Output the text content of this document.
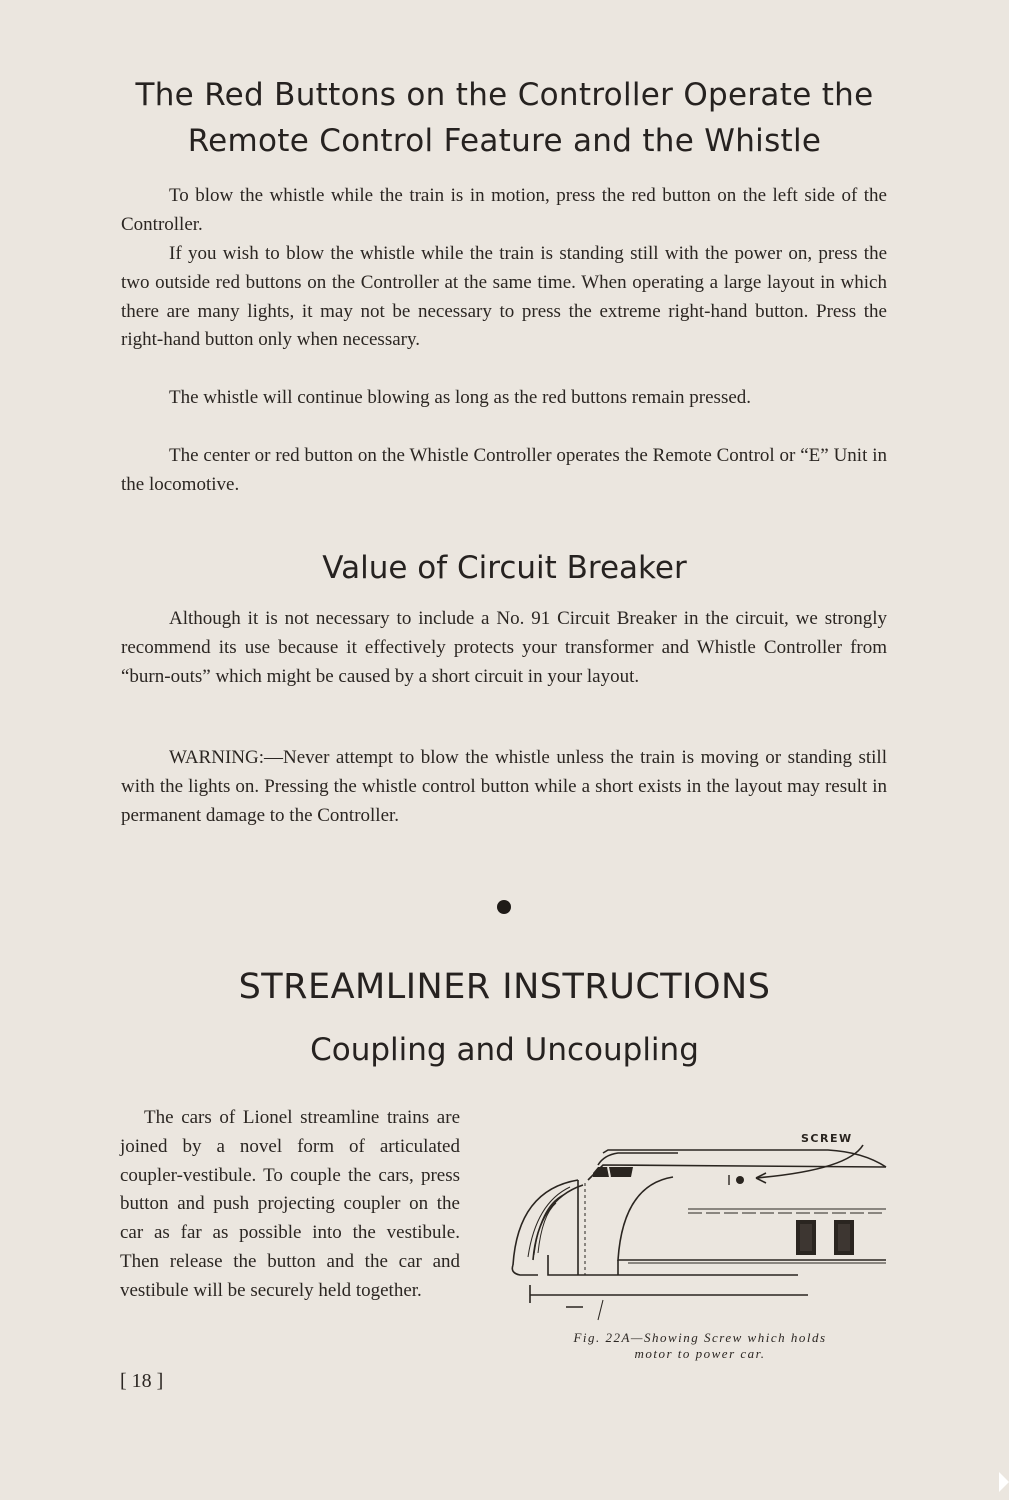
The Red Buttons on the Controller Operate the
Remote Control Feature and the Whistle

To blow the whistle while the train is in motion, press the red button on the left side of the Controller.

If you wish to blow the whistle while the train is standing still with the power on, press the two outside red buttons on the Controller at the same time. When operating a large layout in which there are many lights, it may not be necessary to press the extreme right-hand button. Press the right-hand button only when necessary.

The whistle will continue blowing as long as the red buttons remain pressed.

The center or red button on the Whistle Controller operates the Remote Control or “E” Unit in the locomotive.

Value of Circuit Breaker

Although it is not necessary to include a No. 91 Circuit Breaker in the circuit, we strongly recommend its use because it effectively protects your transformer and Whistle Controller from “burn-outs” which might be caused by a short circuit in your layout.

WARNING:—Never attempt to blow the whistle unless the train is moving or standing still with the lights on. Pressing the whistle control button while a short exists in the layout may result in permanent damage to the Controller.

STREAMLINER INSTRUCTIONS
Coupling and Uncoupling

The cars of Lionel streamline trains are joined by a novel form of articulated coupler-vestibule. To couple the cars, press button and push projecting coupler on the car as far as possible into the vestibule. Then release the button and the car and vestibule will be securely held together.

SCREW
Fig. 22A—Showing Screw which holds
motor to power car.
[ 18 ]
